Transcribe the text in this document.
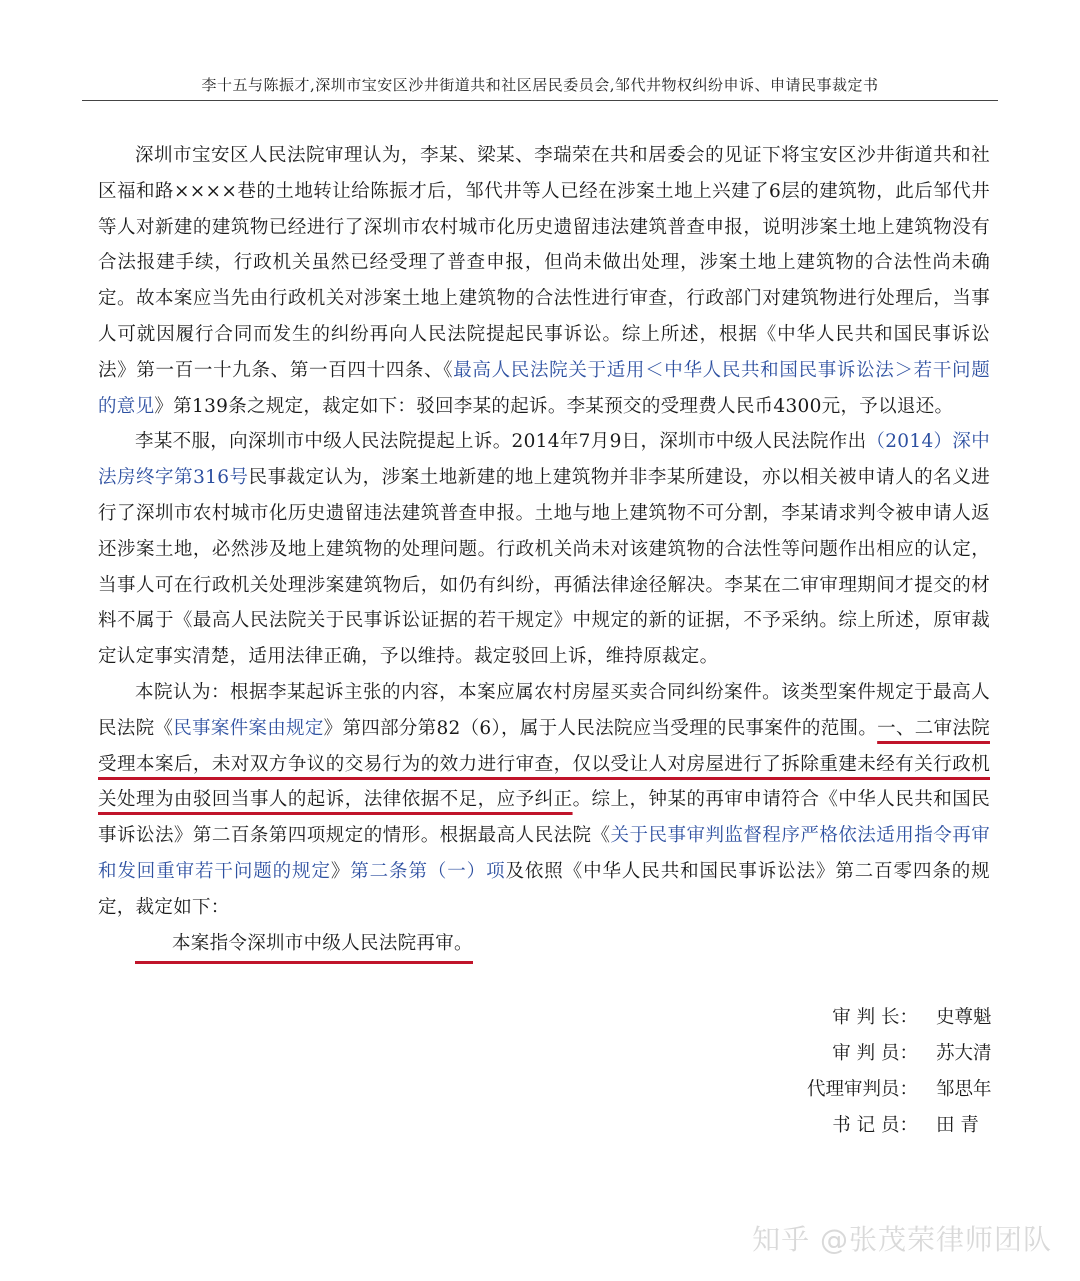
李十五与陈振才,深圳市宝安区沙井街道共和社区居民委员会,邹代井物权纠纷申诉、申请民事裁定书

深圳市宝安区人民法院审理认为，李某、梁某、李瑞荣在共和居委会的见证下将宝安区沙井街道共和社区福和路××××巷的土地转让给陈振才后，邹代井等人已经在涉案土地上兴建了6层的建筑物，此后邹代井等人对新建的建筑物已经进行了深圳市农村城市化历史遗留违法建筑普查申报，说明涉案土地上建筑物没有合法报建手续，行政机关虽然已经受理了普查申报，但尚未做出处理，涉案土地上建筑物的合法性尚未确定。故本案应当先由行政机关对涉案土地上建筑物的合法性进行审查，行政部门对建筑物进行处理后，当事人可就因履行合同而发生的纠纷再向人民法院提起民事诉讼。综上所述，根据《中华人民共和国民事诉讼法》第一百一十九条、第一百四十四条、《最高人民法院关于适用＜中华人民共和国民事诉讼法＞若干问题的意见》第139条之规定，裁定如下：驳回李某的起诉。李某预交的受理费人民币4300元，予以退还。

李某不服，向深圳市中级人民法院提起上诉。2014年7月9日，深圳市中级人民法院作出（2014）深中法房终字第316号民事裁定认为，涉案土地新建的地上建筑物并非李某所建设，亦以相关被申请人的名义进行了深圳市农村城市化历史遗留违法建筑普查申报。土地与地上建筑物不可分割，李某请求判令被申请人返还涉案土地，必然涉及地上建筑物的处理问题。行政机关尚未对该建筑物的合法性等问题作出相应的认定，当事人可在行政机关处理涉案建筑物后，如仍有纠纷，再循法律途径解决。李某在二审审理期间才提交的材料不属于《最高人民法院关于民事诉讼证据的若干规定》中规定的新的证据，不予采纳。综上所述，原审裁定认定事实清楚，适用法律正确，予以维持。裁定驳回上诉，维持原裁定。

本院认为：根据李某起诉主张的内容，本案应属农村房屋买卖合同纠纷案件。该类型案件规定于最高人民法院《民事案件案由规定》第四部分第82（6），属于人民法院应当受理的民事案件的范围。一、二审法院受理本案后，未对双方争议的交易行为的效力进行审查，仅以受让人对房屋进行了拆除重建未经有关行政机关处理为由驳回当事人的起诉，法律依据不足，应予纠正。综上，钟某的再审申请符合《中华人民共和国民事诉讼法》第二百条第四项规定的情形。根据最高人民法院《关于民事审判监督程序严格依法适用指令再审和发回重审若干问题的规定》第二条第（一）项及依照《中华人民共和国民事诉讼法》第二百零四条的规定，裁定如下：

本案指令深圳市中级人民法院再审。

审 判 长： 史尊魁
审 判 员： 苏大清
代理审判员： 邹思年
书 记 员： 田 青
知乎 @张茂荣律师团队
